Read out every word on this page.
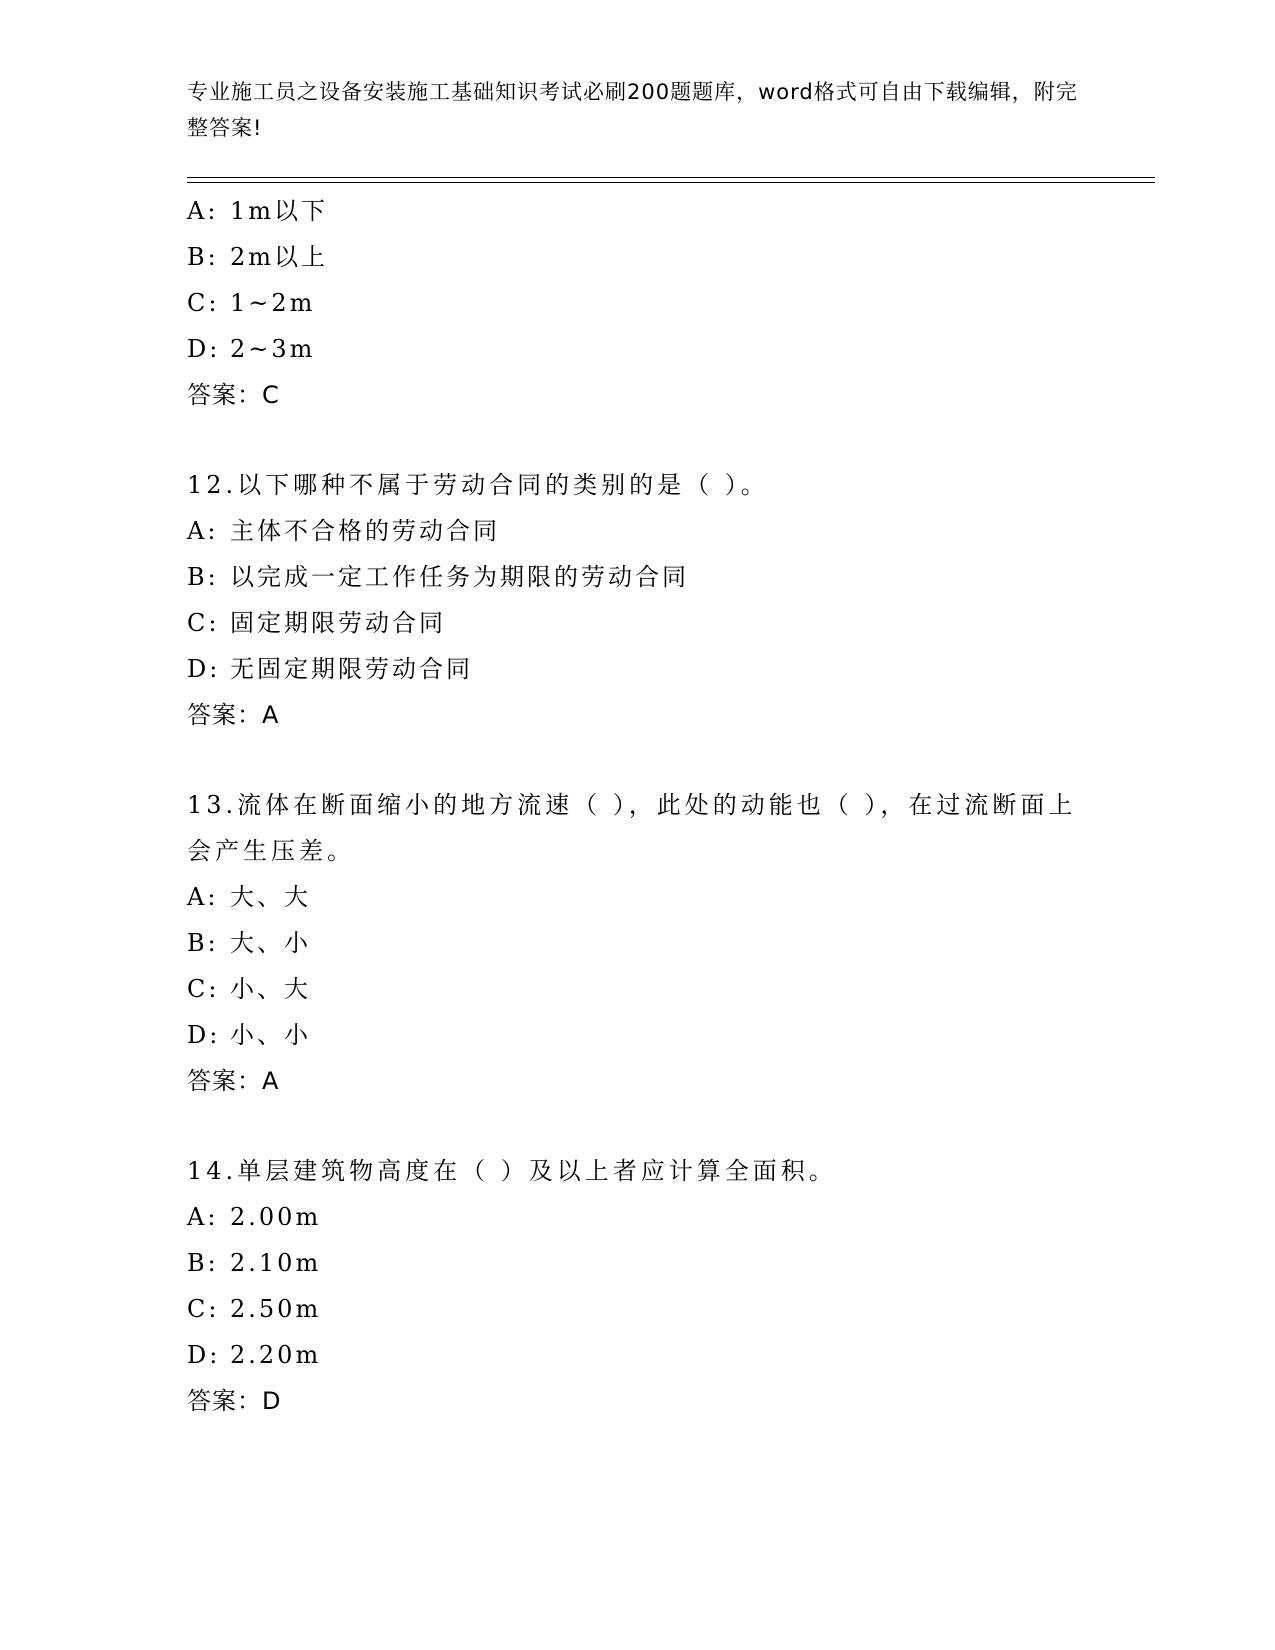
专业施工员之设备安装施工基础知识考试必刷200题题库，word格式可自由下载编辑，附完整答案!
A: 1m以下
B: 2m以上
C: 1~2m
D: 2~3m
答案：C
12.以下哪种不属于劳动合同的类别的是（ ）。
A: 主体不合格的劳动合同
B: 以完成一定工作任务为期限的劳动合同
C: 固定期限劳动合同
D: 无固定期限劳动合同
答案：A
13.流体在断面缩小的地方流速（ ），此处的动能也（ ），在过流断面上会产生压差。
A: 大、大
B: 大、小
C: 小、大
D: 小、小
答案：A
14.单层建筑物高度在（ ）及以上者应计算全面积。
A: 2.00m
B: 2.10m
C: 2.50m
D: 2.20m
答案：D
